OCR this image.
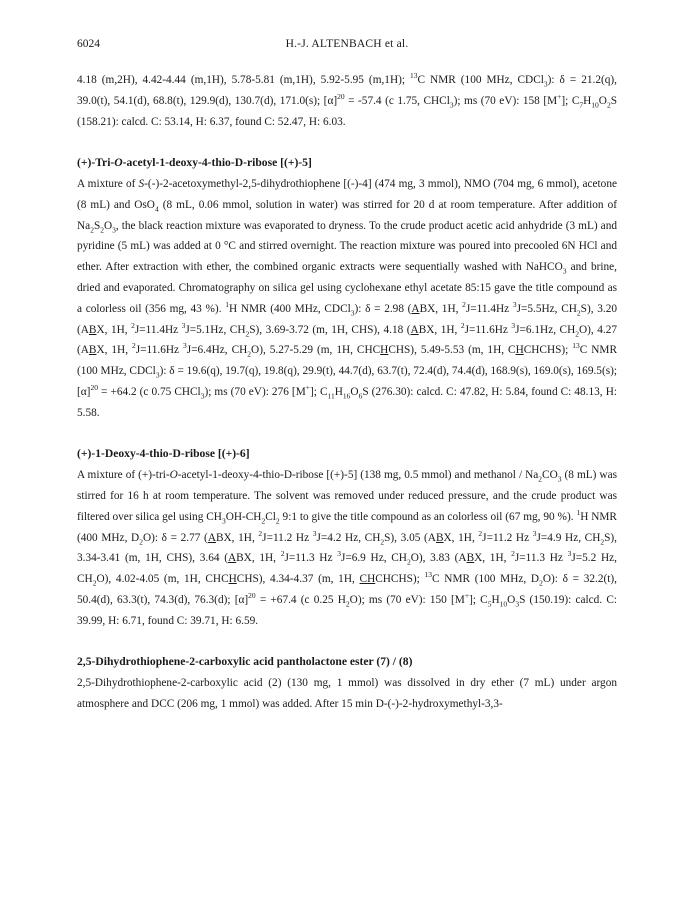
6024	H.-J. ALTENBACH et al.

4.18 (m,2H), 4.42-4.44 (m,1H), 5.78-5.81 (m,1H), 5.92-5.95 (m,1H); $^{13}$C NMR (100 MHz, CDCl$_3$): δ = 21.2(q), 39.0(t), 54.1(d), 68.8(t), 129.9(d), 130.7(d), 171.0(s); $[\alpha]^{20} = -57.4$ (c 1.75, CHCl$_3$); ms (70 eV): 158 [M+]; $C_7H_{10}O_2S$ (158.21): calcd. C: 53.14, H: 6.37, found C: 52.47, H: 6.03.

(+)-Tri-O-acetyl-1-deoxy-4-thio-D-ribose [(+)-5]

A mixture of S-(-)-2-acetoxymethyl-2,5-dihydrothiophene [(-)-4] (474 mg, 3 mmol), NMO (704 mg, 6 mmol), acetone (8 mL) and OsO$_4$ (8 mL, 0.06 mmol, solution in water) was stirred for 20 d at room temperature. After addition of $Na_2S_2O_3$, the black reaction mixture was evaporated to dryness. To the crude product acetic acid anhydride (3 mL) and pyridine (5 mL) was added at 0 °C and stirred overnight. The reaction mixture was poured into precooled 6N HCl and ether. After extraction with ether, the combined organic extracts were sequentially washed with NaHCO$_3$ and brine, dried and evaporated. Chromatography on silica gel using cyclohexane ethyl acetate 85:15 gave the title compound as a colorless oil (356 mg, 43 %). $^1$H NMR (400 MHz, CDCl$_3$): δ = 2.98 (ABX, 1H, $^2$J=11.4Hz $^3$J=5.5Hz, $CH_2S$), 3.20 (ABX, 1H, $^2$J=11.4Hz $^3$J=5.1Hz, $CH_2S$), 3.69-3.72 (m, 1H, CHS), 4.18 (ABX, 1H, $^2$J=11.6Hz $^3$J=6.1Hz, $CH_2O$), 4.27 (ABX, 1H, $^2$J=11.6Hz $^3$J=6.4Hz, $CH_2O$), 5.27-5.29 (m, 1H, CHCHCHS), 5.49-5.53 (m, 1H, CHCHCHS); $^{13}$C NMR (100 MHz, CDCl$_3$): δ = 19.6(q), 19.7(q), 19.8(q), 29.9(t), 44.7(d), 63.7(t), 72.4(d), 74.4(d), 168.9(s), 169.0(s), 169.5(s); $[\alpha]^{20} = +64.2$ (c 0.75 CHCl$_3$); ms (70 eV): 276 [M+]; $C_{11}H_{16}O_6S$ (276.30): calcd. C: 47.82, H: 5.84, found C: 48.13, H: 5.58.

(+)-1-Deoxy-4-thio-D-ribose [(+)-6]

A mixture of (+)-tri-O-acetyl-1-deoxy-4-thio-D-ribose [(+)-5] (138 mg, 0.5 mmol) and methanol / $Na_2CO_3$ (8 mL) was stirred for 16 h at room temperature. The solvent was removed under reduced pressure, and the crude product was filtered over silica gel using $CH_3OH-CH_2Cl_2$ 9:1 to give the title compound as an colorless oil (67 mg, 90 %). $^1$H NMR (400 MHz, $D_2O$): δ = 2.77 (ABX, 1H, $^2$J=11.2 Hz $^3$J=4.2 Hz, $CH_2S$), 3.05 (ABX, 1H, $^2$J=11.2 Hz $^3$J=4.9 Hz, $CH_2S$), 3.34-3.41 (m, 1H, CHS), 3.64 (ABX, 1H, $^2$J=11.3 Hz $^3$J=6.9 Hz, $CH_2O$), 3.83 (ABX, 1H, $^2$J=11.3 Hz $^3$J=5.2 Hz, $CH_2O$), 4.02-4.05 (m, 1H, CHCHCHS), 4.34-4.37 (m, 1H, CHCHCHS); $^{13}$C NMR (100 MHz, $D_2O$): δ = 32.2(t), 50.4(d), 63.3(t), 74.3(d), 76.3(d); $[\alpha]^{20} = +67.4$ (c 0.25 $H_2O$); ms (70 eV): 150 [M+]; $C_5H_{10}O_3S$ (150.19): calcd. C: 39.99, H: 6.71, found C: 39.71, H: 6.59.

2,5-Dihydrothiophene-2-carboxylic acid pantholactone ester (7) / (8)

2,5-Dihydrothiophene-2-carboxylic acid (2) (130 mg, 1 mmol) was dissolved in dry ether (7 mL) under argon atmosphere and DCC (206 mg, 1 mmol) was added. After 15 min D-(-)-2-hydroxymethyl-3,3-
